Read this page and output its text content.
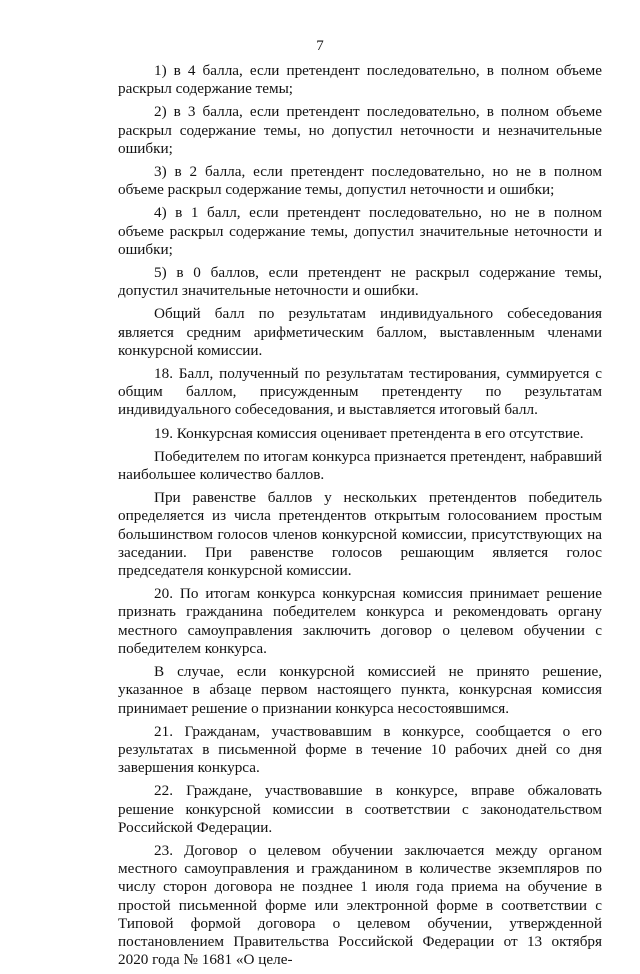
7

1) в 4 балла, если претендент последовательно, в полном объеме раскрыл содержание темы;

2) в 3 балла, если претендент последовательно, в полном объеме раскрыл содержание темы, но допустил неточности и незначительные ошибки;

3) в 2 балла, если претендент последовательно, но не в полном объеме раскрыл содержание темы, допустил неточности и ошибки;

4) в 1 балл, если претендент последовательно, но не в полном объеме раскрыл содержание темы, допустил значительные неточности и ошибки;

5) в 0 баллов, если претендент не раскрыл содержание темы, допустил значительные неточности и ошибки.

Общий балл по результатам индивидуального собеседования является средним арифметическим баллом, выставленным членами конкурсной комиссии.

18. Балл, полученный по результатам тестирования, суммируется с общим баллом, присужденным претенденту по результатам индивидуального собеседования, и выставляется итоговый балл.

19. Конкурсная комиссия оценивает претендента в его отсутствие.

Победителем по итогам конкурса признается претендент, набравший наибольшее количество баллов.

При равенстве баллов у нескольких претендентов победитель определяется из числа претендентов открытым голосованием простым большинством голосов членов конкурсной комиссии, присутствующих на заседании. При равенстве голосов решающим является голос председателя конкурсной комиссии.

20. По итогам конкурса конкурсная комиссия принимает решение признать гражданина победителем конкурса и рекомендовать органу местного самоуправления заключить договор о целевом обучении с победителем конкурса.

В случае, если конкурсной комиссией не принято решение, указанное в абзаце первом настоящего пункта, конкурсная комиссия принимает решение о признании конкурса несостоявшимся.

21. Гражданам, участвовавшим в конкурсе, сообщается о его результатах в письменной форме в течение 10 рабочих дней со дня завершения конкурса.

22. Граждане, участвовавшие в конкурсе, вправе обжаловать решение конкурсной комиссии в соответствии с законодательством Российской Федерации.

23. Договор о целевом обучении заключается между органом местного самоуправления и гражданином в количестве экземпляров по числу сторон договора не позднее 1 июля года приема на обучение в простой письменной форме или электронной форме в соответствии с Типовой формой договора о целевом обучении, утвержденной постановлением Правительства Российской Федерации от 13 октября 2020 года № 1681 «О целе-
